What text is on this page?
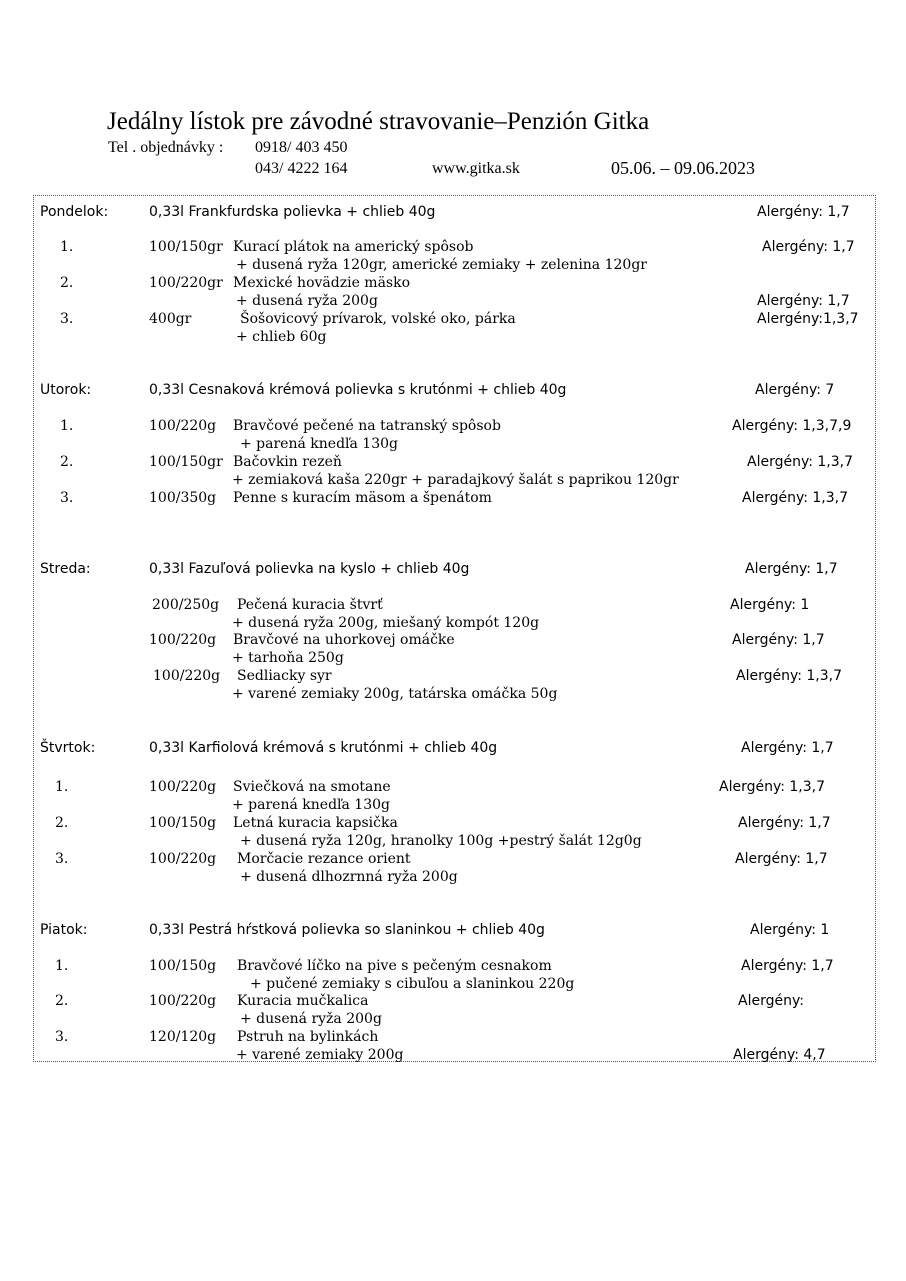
Jedálny lístok pre závodné stravovanie–Penzión Gitka
Tel . objednávky : 0918/ 403 450
043/ 4222 164	www.gitka.sk	05.06. – 09.06.2023
Pondelok:	0,33l Frankfurdska polievka + chlieb 40g	Alergény: 1,7
1.	100/150gr Kurací plátok na americký spôsob	Alergény: 1,7
+ dusená ryža 120gr, americké zemiaky + zelenina 120gr
2.	100/220gr Mexické hovädzie mäsko
+ dusená ryža 200g	Alergény: 1,7
3.	400gr	Šošovicový prívarok, volské oko, párka	Alergény:1,3,7
+ chlieb 60g
Utorok:	0,33l Cesnaková krémová polievka s krutónmi + chlieb 40g	Alergény: 7
1.	100/220g Bravčové pečené na tatranský spôsob	Alergény: 1,3,7,9
+ parená knedľa 130g
2.	100/150gr Bačovkin rezeň	Alergény: 1,3,7
+ zemiaková kaša 220gr + paradajkový šalát s paprikou 120gr
3.	100/350g Penne s kuracím mäsom a špenátom	Alergény: 1,3,7
Streda:	0,33l Fazuľová polievka na kyslo + chlieb 40g	Alergény: 1,7
200/250g Pečená kuracia štvrť	Alergény: 1
+ dusená ryža 200g, miešaný kompót 120g
100/220g Bravčové na uhorkovej omáčke	Alergény: 1,7
+ tarhoňa 250g
100/220g Sedliacky syr	Alergény: 1,3,7
+ varené zemiaky 200g, tatárska omáčka 50g
Štvrtok:	0,33l Karfiolová krémová s krutónmi + chlieb 40g	Alergény: 1,7
1.	100/220g Sviečková na smotane	Alergény: 1,3,7
+ parená knedľa 130g
2.	100/150g Letná kuracia kapsička	Alergény: 1,7
+ dusená ryža 120g, hranolky 100g +pestrý šalát 12g0g
3.	100/220g Morčacie rezance orient	Alergény: 1,7
+ dusená dlhozrnná ryža 200g
Piatok:	0,33l Pestrá hŕstková polievka so slaninkou + chlieb 40g	Alergény: 1
1.	100/150g Bravčové líčko na pive s pečeným cesnakom	Alergény: 1,7
+ pučené zemiaky s cibuľou a slaninkou 220g
2.	100/220g Kuracia mučkalica	Alergény:
+ dusená ryža 200g
3.	120/120g Pstruh na bylinkách
+ varené zemiaky 200g	Alergény: 4,7
